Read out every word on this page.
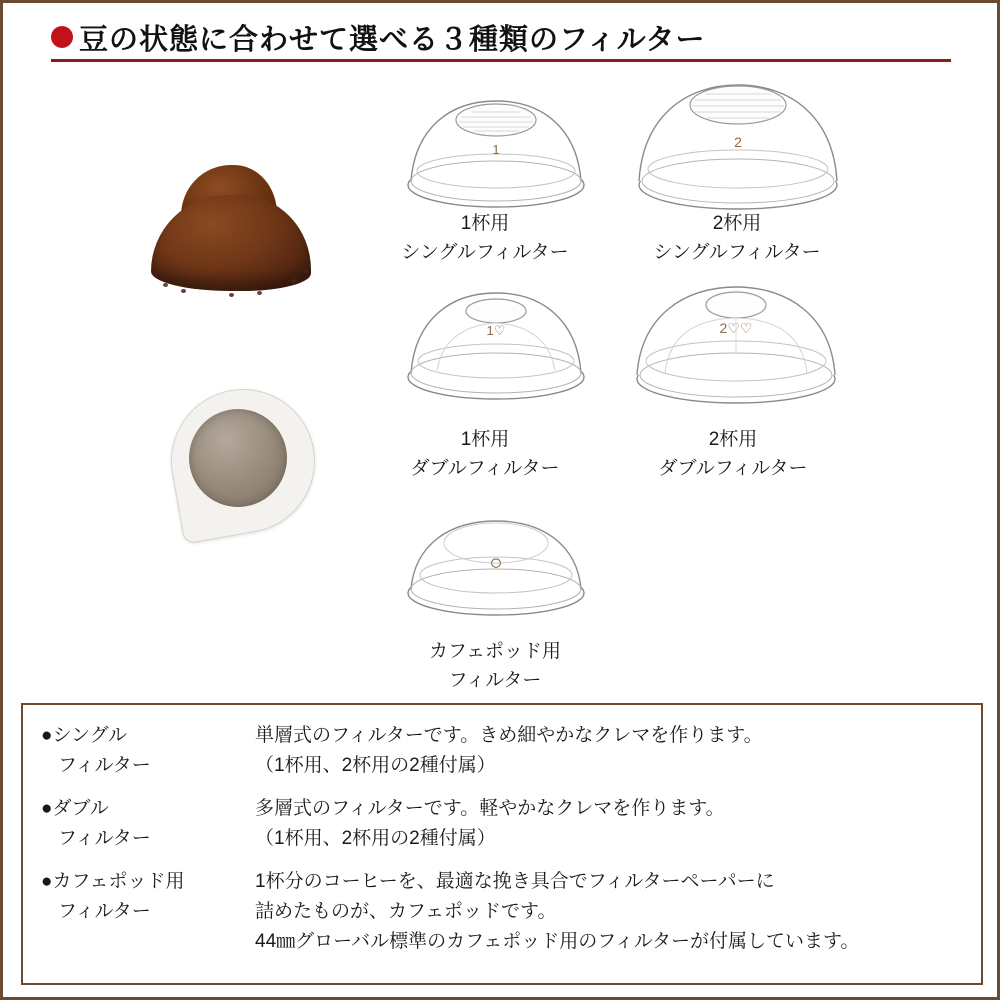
豆の状態に合わせて選べる３種類のフィルター
1	2
1杯用
シングルフィルター
2杯用
シングルフィルター
1♡	2♡♡
1杯用
ダブルフィルター
2杯用
ダブルフィルター
カフェポッド用
フィルター
●シングル
フィルター
単層式のフィルターです。きめ細やかなクレマを作ります。
（1杯用、2杯用の2種付属）
●ダブル
フィルター
多層式のフィルターです。軽やかなクレマを作ります。
（1杯用、2杯用の2種付属）
●カフェポッド用
フィルター
1杯分のコーヒーを、最適な挽き具合でフィルターペーパーに
詰めたものが、カフェポッドです。
44㎜グローバル標準のカフェポッド用のフィルターが付属しています。
